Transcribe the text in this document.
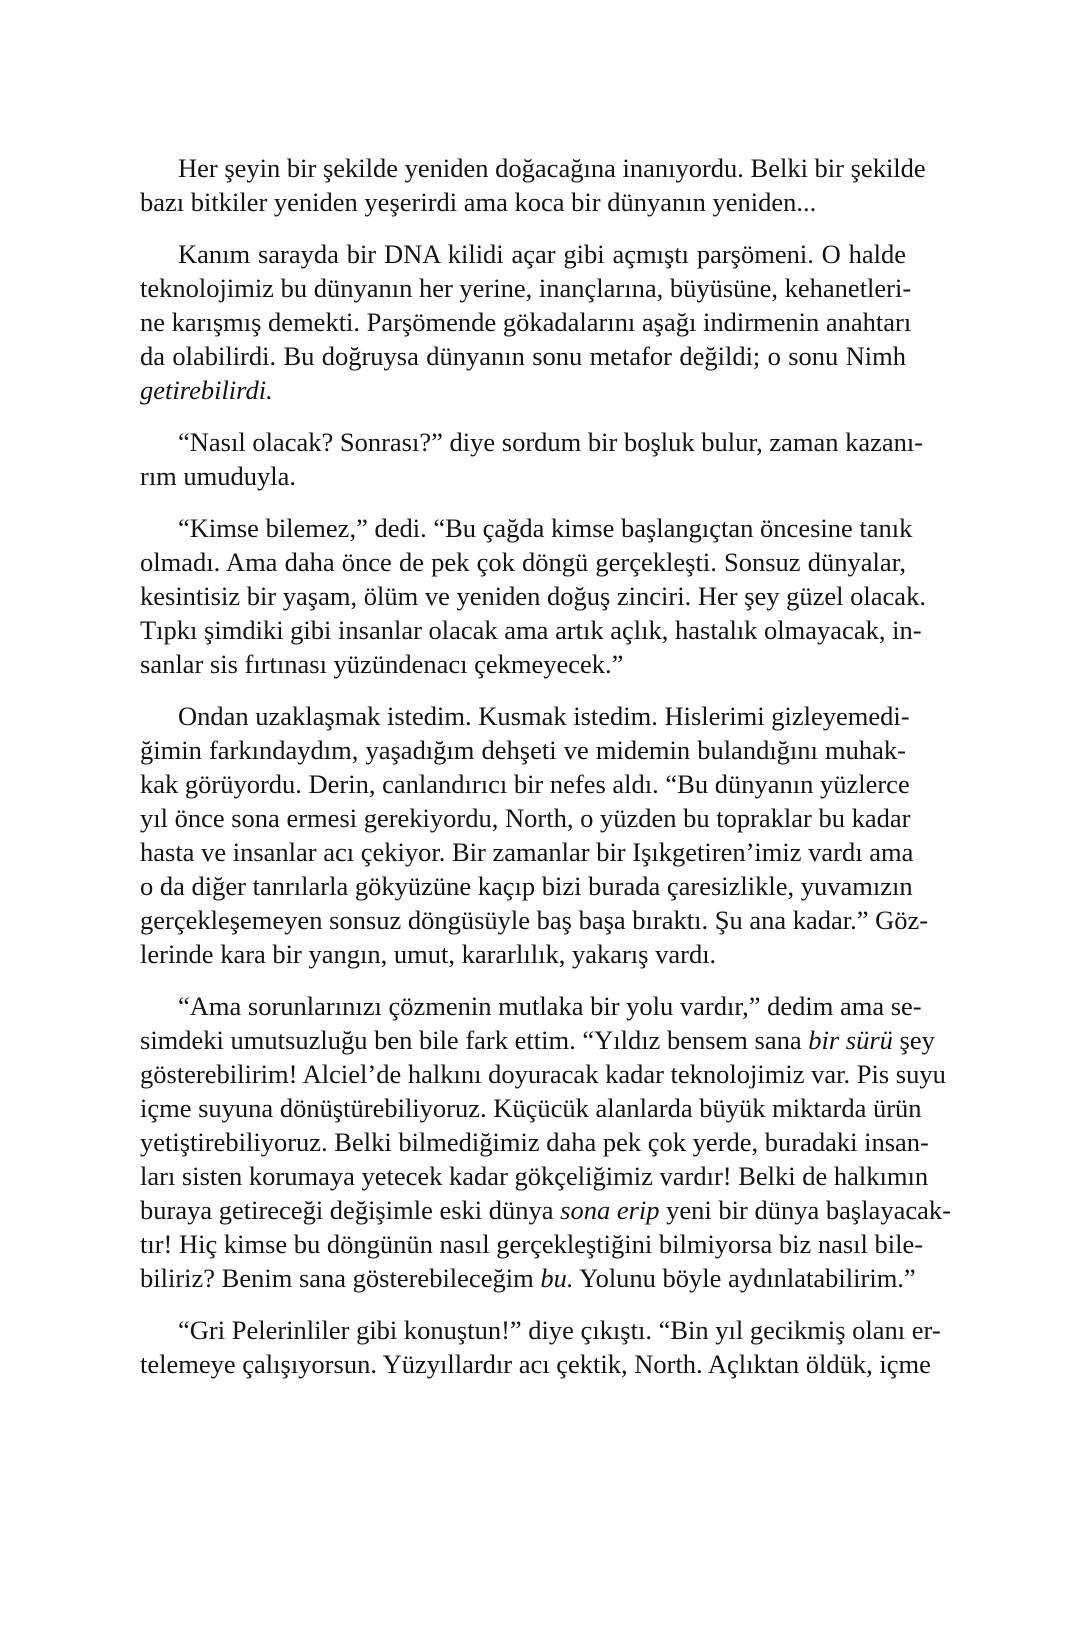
Her şeyin bir şekilde yeniden doğacağına inanıyordu. Belki bir şekilde
bazı bitkiler yeniden yeşerirdi ama koca bir dünyanın yeniden...
Kanım sarayda bir DNA kilidi açar gibi açmıştı parşömeni. O halde
teknolojimiz bu dünyanın her yerine, inançlarına, büyüsüne, kehanetleri-
ne karışmış demekti. Parşömende gökadalarını aşağı indirmenin anahtarı
da olabilirdi. Bu doğruysa dünyanın sonu metafor değildi; o sonu Nimh
getirebilirdi.
“Nasıl olacak? Sonrası?” diye sordum bir boşluk bulur, zaman kazanı-
rım umuduyla.
“Kimse bilemez,” dedi. “Bu çağda kimse başlangıçtan öncesine tanık
olmadı. Ama daha önce de pek çok döngü gerçekleşti. Sonsuz dünyalar,
kesintisiz bir yaşam, ölüm ve yeniden doğuş zinciri. Her şey güzel olacak.
Tıpkı şimdiki gibi insanlar olacak ama artık açlık, hastalık olmayacak, in-
sanlar sis fırtınası yüzündenacı çekmeyecek.”
Ondan uzaklaşmak istedim. Kusmak istedim. Hislerimi gizleyemedi-
ğimin farkındaydım, yaşadığım dehşeti ve midemin bulandığını muhak-
kak görüyordu. Derin, canlandırıcı bir nefes aldı. “Bu dünyanın yüzlerce
yıl önce sona ermesi gerekiyordu, North, o yüzden bu topraklar bu kadar
hasta ve insanlar acı çekiyor. Bir zamanlar bir Işıkgetiren’imiz vardı ama
o da diğer tanrılarla gökyüzüne kaçıp bizi burada çaresizlikle, yuvamızın
gerçekleşemeyen sonsuz döngüsüyle baş başa bıraktı. Şu ana kadar.” Göz-
lerinde kara bir yangın, umut, kararlılık, yakarış vardı.
“Ama sorunlarınızı çözmenin mutlaka bir yolu vardır,” dedim ama se-
simdeki umutsuzluğu ben bile fark ettim. “Yıldız bensem sana bir sürü şey
gösterebilirim! Alciel’de halkını doyuracak kadar teknolojimiz var. Pis suyu
içme suyuna dönüştürebiliyoruz. Küçücük alanlarda büyük miktarda ürün
yetiştirebiliyoruz. Belki bilmediğimiz daha pek çok yerde, buradaki insan-
ları sisten korumaya yetecek kadar gökçeliğimiz vardır! Belki de halkımın
buraya getireceği değişimle eski dünya sona erip yeni bir dünya başlayacak-
tır! Hiç kimse bu döngünün nasıl gerçekleştiğini bilmiyorsa biz nasıl bile-
biliriz? Benim sana gösterebileceğim bu. Yolunu böyle aydınlatabilirim.”
“Gri Pelerinliler gibi konuştun!” diye çıkıştı. “Bin yıl gecikmiş olanı er-
telemeye çalışıyorsun. Yüzyıllardır acı çektik, North. Açlıktan öldük, içme
